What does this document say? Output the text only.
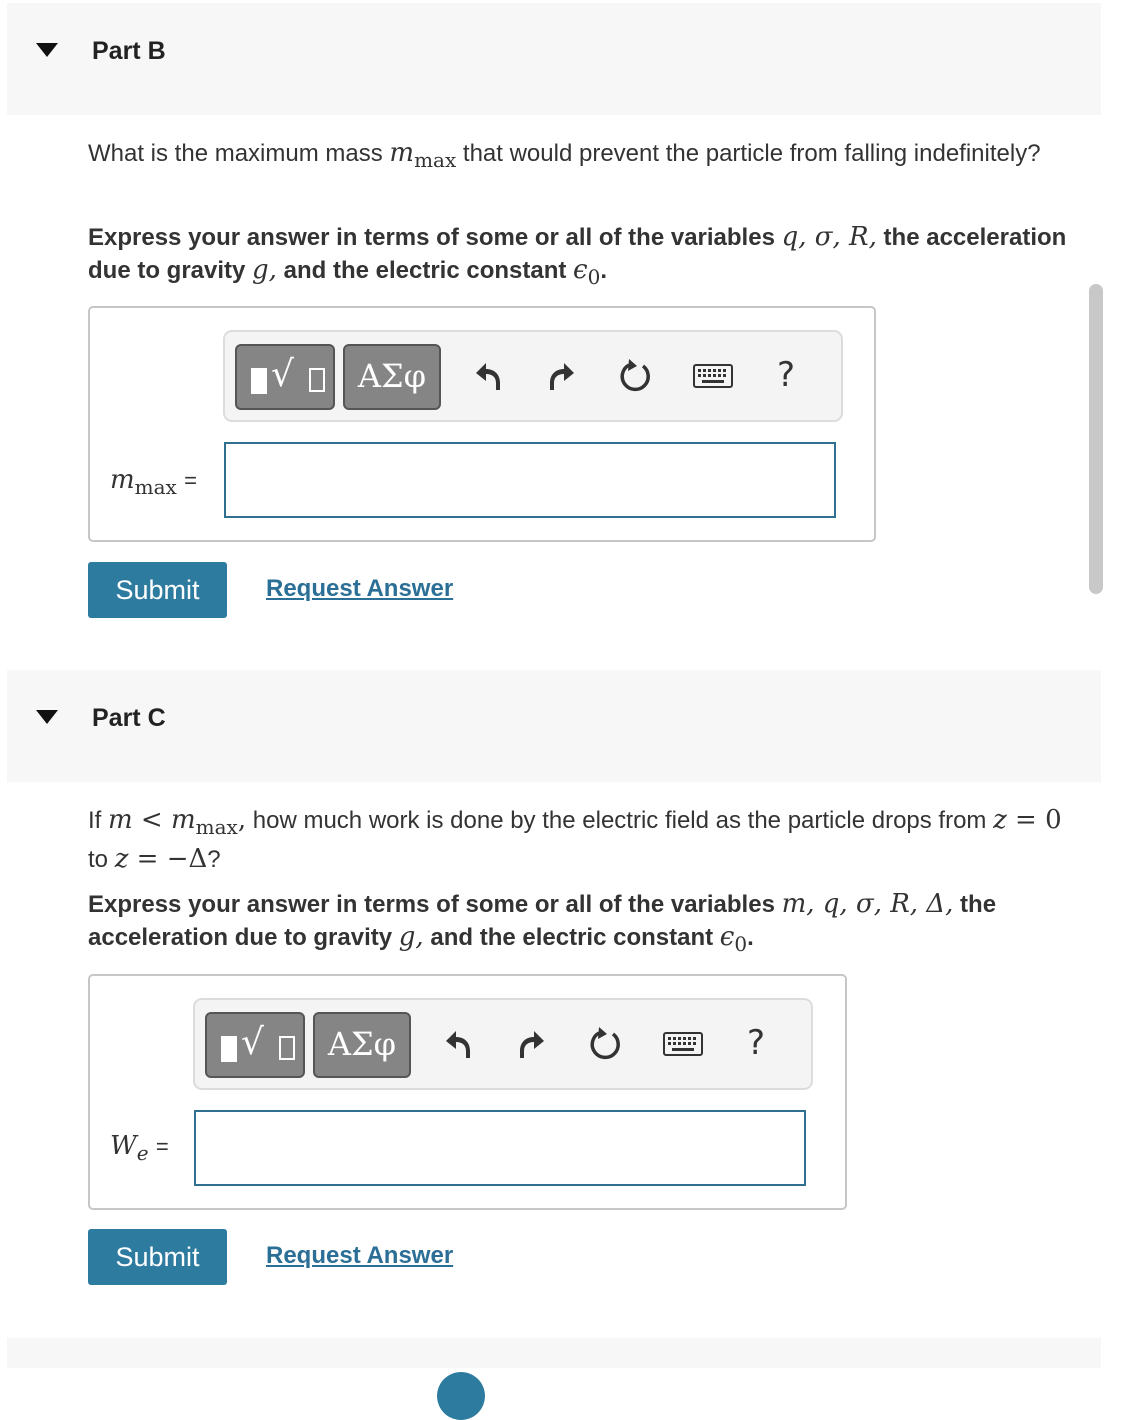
Part B
What is the maximum mass $m_{max}$ that would prevent the particle from falling indefinitely?
Express your answer in terms of some or all of the variables q, σ, R, the acceleration due to gravity g, and the electric constant $\epsilon_0$.
√	ΑΣφ	?
$m_{max}$ =
Submit	Request Answer
Part C
If $m < m_{max}$, how much work is done by the electric field as the particle drops from z = 0 to z = −Δ?
Express your answer in terms of some or all of the variables m, q, σ, R, Δ, the acceleration due to gravity g, and the electric constant $\epsilon_0$.
√	ΑΣφ	?
$W_e$ =
Submit	Request Answer
